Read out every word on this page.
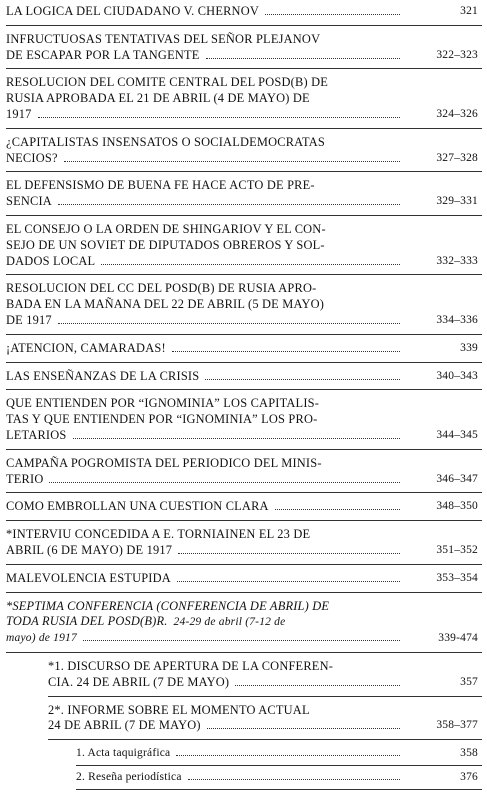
LA LOGICA DEL CIUDADANO V. CHERNOV	321
INFRUCTUOSAS TENTATIVAS DEL SEÑOR PLEJANOV
DE ESCAPAR POR LA TANGENTE	322–323
RESOLUCION DEL COMITE CENTRAL DEL POSD(B) DE
RUSIA APROBADA EL 21 DE ABRIL (4 DE MAYO) DE
1917	324–326
¿CAPITALISTAS INSENSATOS O SOCIALDEMOCRATAS
NECIOS?	327–328
EL DEFENSISMO DE BUENA FE HACE ACTO DE PRE-
SENCIA	329–331
EL CONSEJO O LA ORDEN DE SHINGARIOV Y EL CON-
SEJO DE UN SOVIET DE DIPUTADOS OBREROS Y SOL-
DADOS LOCAL	332–333
RESOLUCION DEL CC DEL POSD(B) DE RUSIA APRO-
BADA EN LA MAÑANA DEL 22 DE ABRIL (5 DE MAYO)
DE 1917	334–336
¡ATENCION, CAMARADAS!	339
LAS ENSEÑANZAS DE LA CRISIS	340–343
QUE ENTIENDEN POR “IGNOMINIA” LOS CAPITALIS-
TAS Y QUE ENTIENDEN POR “IGNOMINIA” LOS PRO-
LETARIOS	344–345
CAMPAÑA POGROMISTA DEL PERIODICO DEL MINIS-
TERIO	346–347
COMO EMBROLLAN UNA CUESTION CLARA	348–350
*INTERVIU CONCEDIDA A E. TORNIAINEN EL 23 DE
ABRIL (6 DE MAYO) DE 1917	351–352
MALEVOLENCIA ESTUPIDA	353–354
*SEPTIMA CONFERENCIA (CONFERENCIA DE ABRIL) DE
TODA RUSIA DEL POSD(B)R. 24-29 de abril (7-12 de
mayo) de 1917	339-474
*1. DISCURSO DE APERTURA DE LA CONFEREN-
CIA. 24 DE ABRIL (7 DE MAYO)	357
2*. INFORME SOBRE EL MOMENTO ACTUAL
24 DE ABRIL (7 DE MAYO)	358–377
1. Acta taquigráfica	358
2. Reseña periodística	376
